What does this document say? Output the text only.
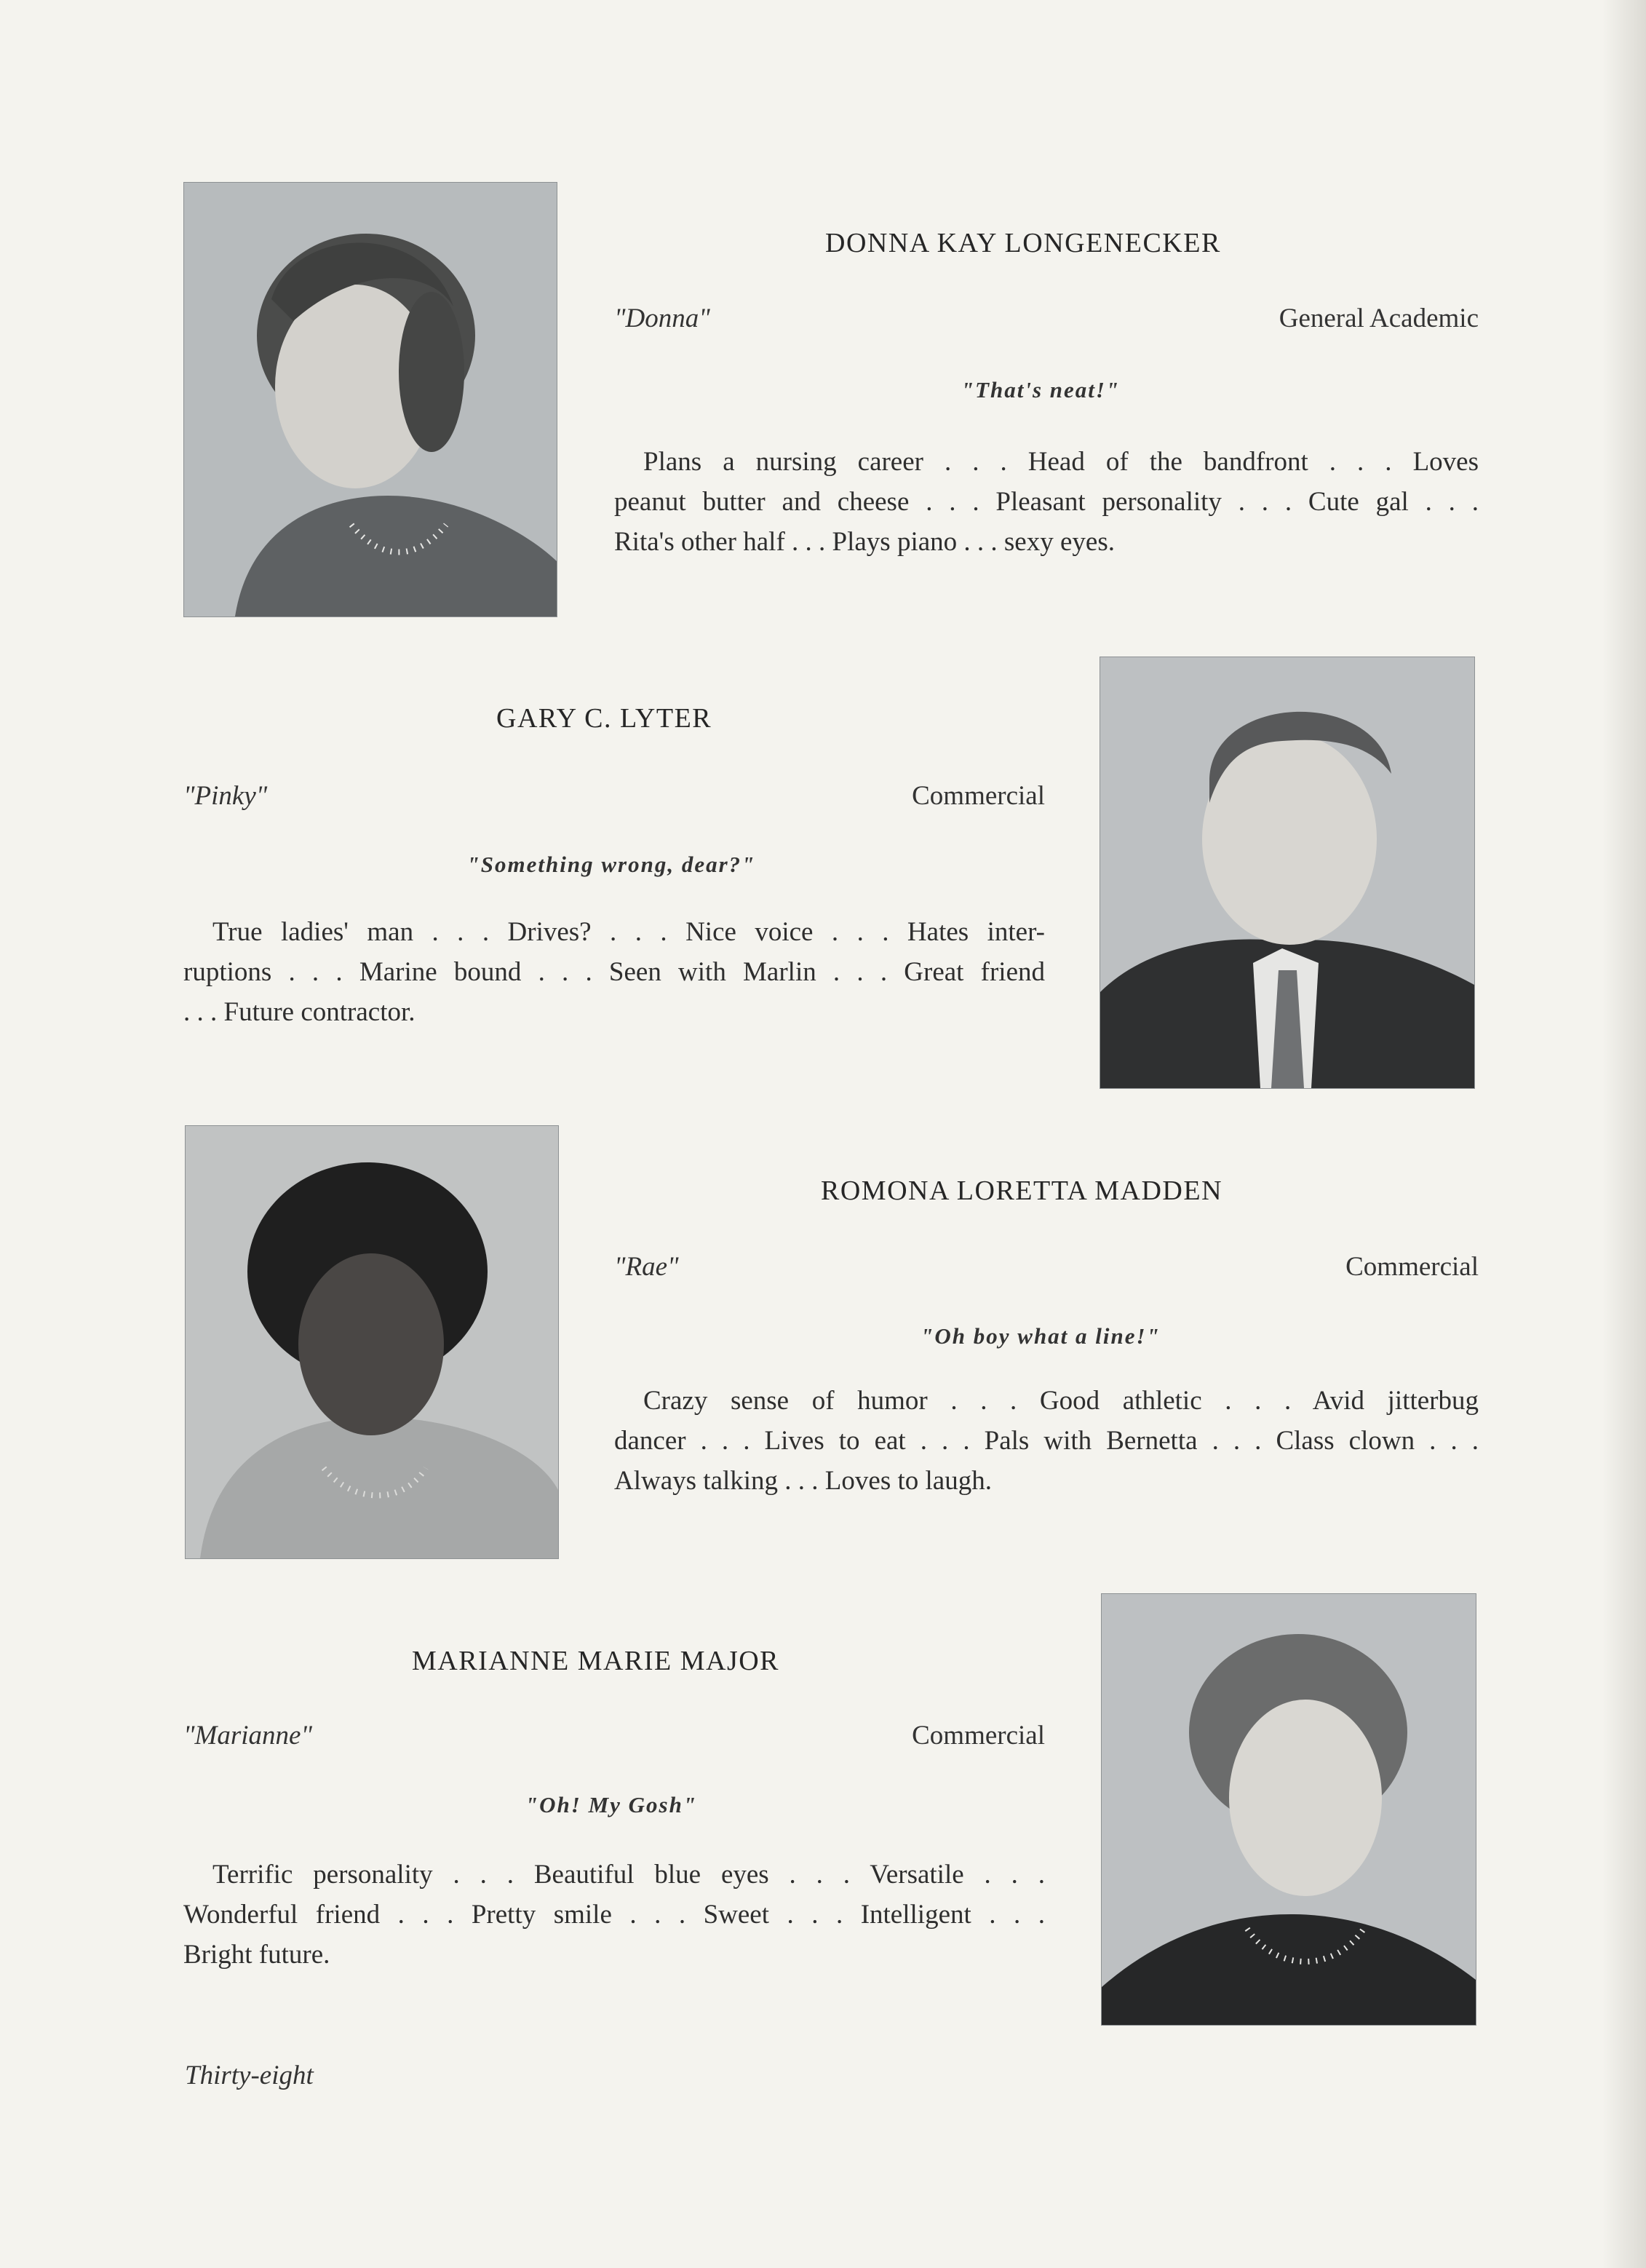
DONNA KAY LONGENECKER
"Donna"	General Academic
"That's neat!"
Plans a nursing career . . . Head of the bandfront . . . Loves
peanut butter and cheese . . . Pleasant personality . . . Cute gal . . .
Rita's other half . . . Plays piano . . . sexy eyes.
GARY C. LYTER
"Pinky"	Commercial
"Something wrong, dear?"
True ladies' man . . . Drives? . . . Nice voice . . . Hates inter-
ruptions . . . Marine bound . . . Seen with Marlin . . . Great friend
. . . Future contractor.
ROMONA LORETTA MADDEN
"Rae"	Commercial
"Oh boy what a line!"
Crazy sense of humor . . . Good athletic . . . Avid jitterbug
dancer . . . Lives to eat . . . Pals with Bernetta . . . Class clown . . .
Always talking . . . Loves to laugh.
MARIANNE MARIE MAJOR
"Marianne"	Commercial
"Oh! My Gosh"
Terrific personality . . . Beautiful blue eyes . . . Versatile . . .
Wonderful friend . . . Pretty smile . . . Sweet . . . Intelligent . . .
Bright future.
Thirty-eight
